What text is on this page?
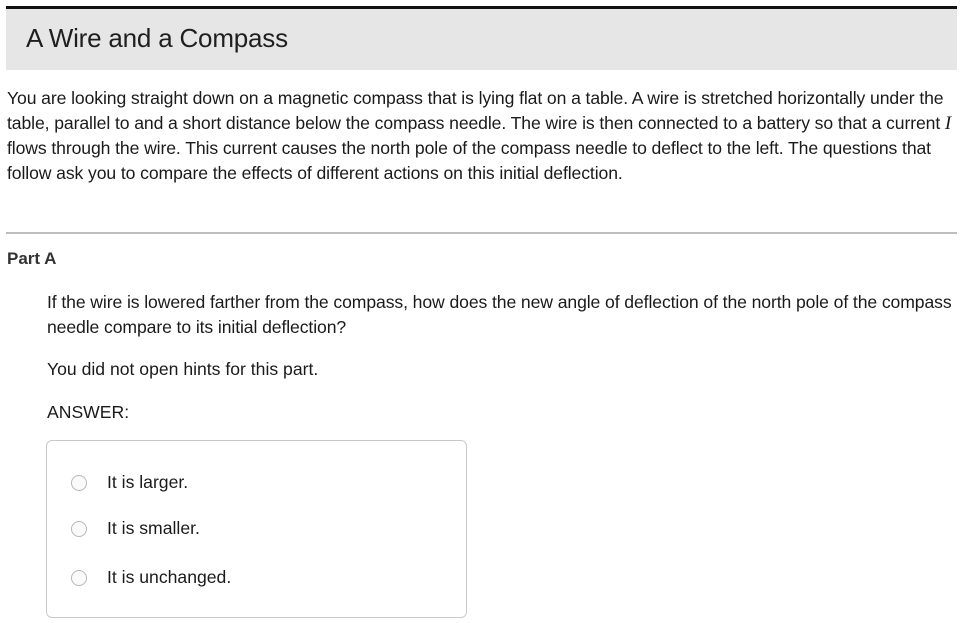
A Wire and a Compass
You are looking straight down on a magnetic compass that is lying flat on a table. A wire is stretched horizontally under the table, parallel to and a short distance below the compass needle. The wire is then connected to a battery so that a current I flows through the wire. This current causes the north pole of the compass needle to deflect to the left. The questions that follow ask you to compare the effects of different actions on this initial deflection.
Part A
If the wire is lowered farther from the compass, how does the new angle of deflection of the north pole of the compass needle compare to its initial deflection?
You did not open hints for this part.
ANSWER:
It is larger.
It is smaller.
It is unchanged.
